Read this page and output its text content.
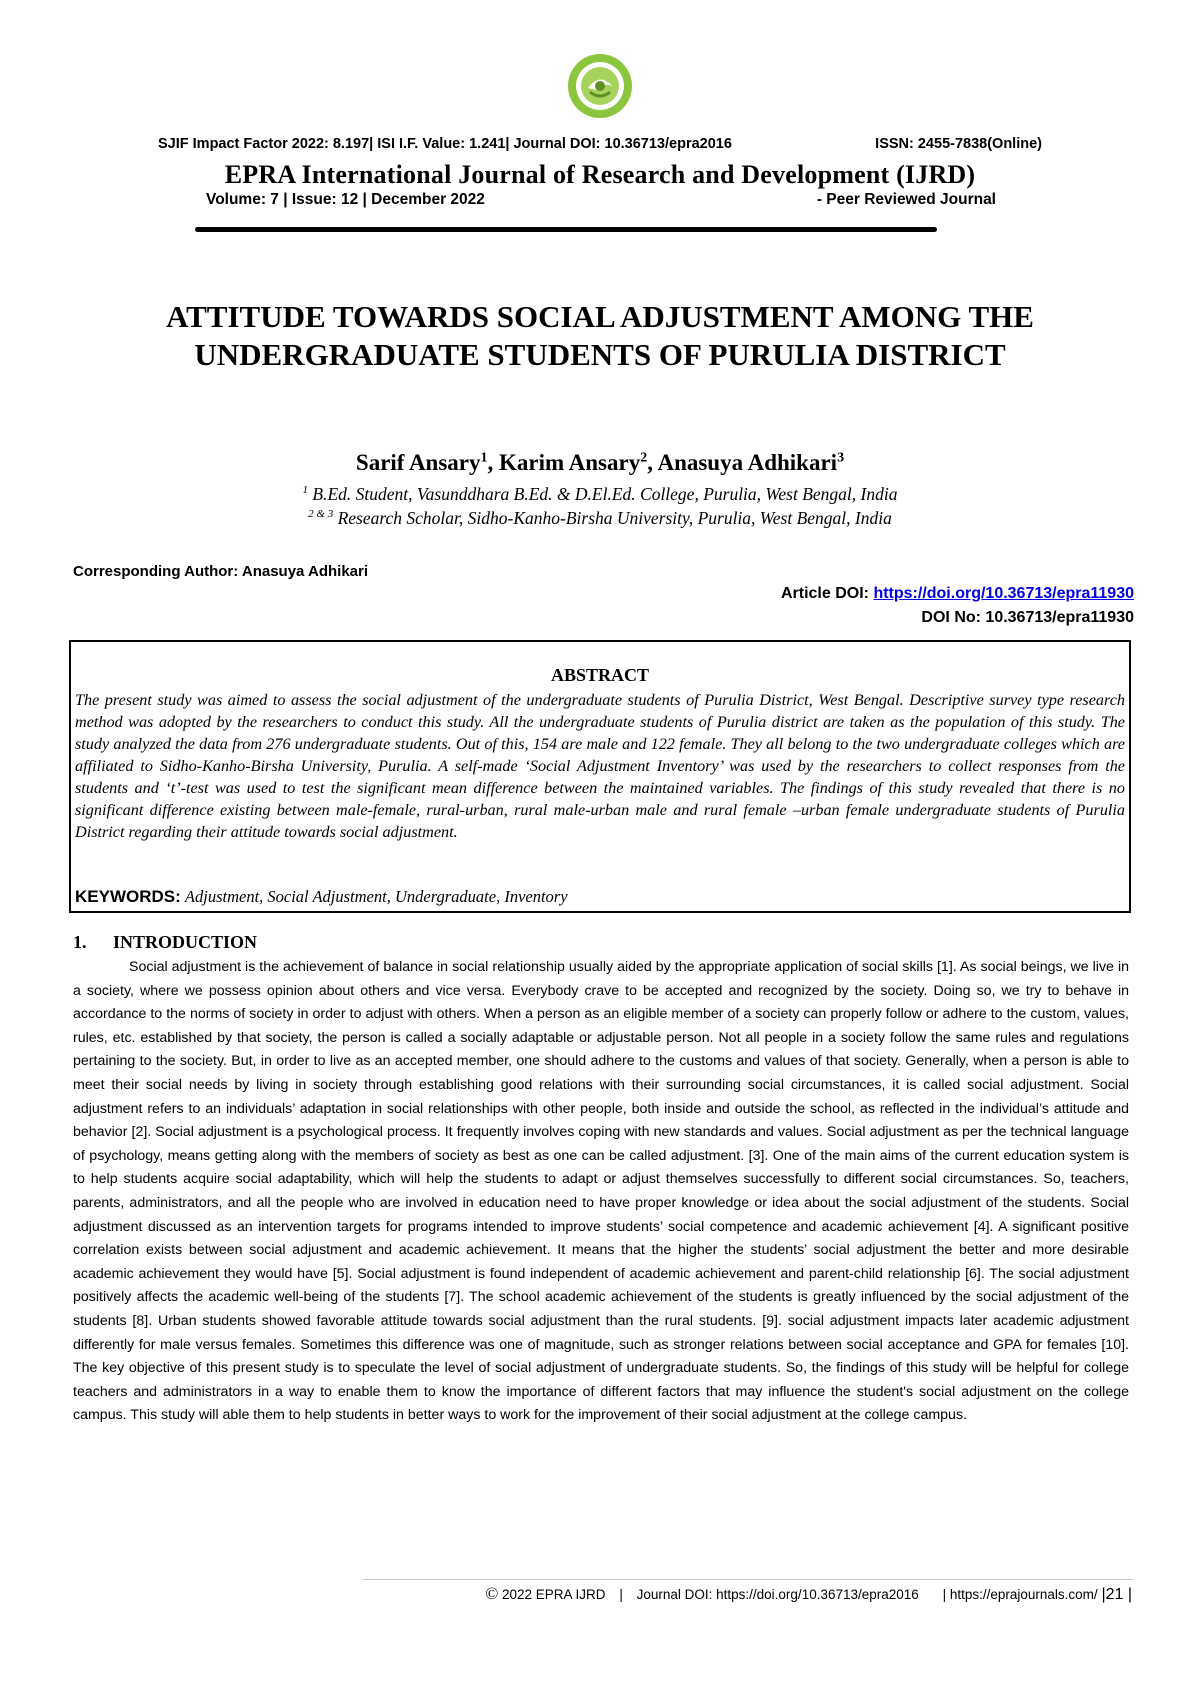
SJIF Impact Factor 2022: 8.197| ISI I.F. Value: 1.241| Journal DOI: 10.36713/epra2016	ISSN: 2455-7838(Online)
EPRA International Journal of Research and Development (IJRD)
Volume: 7 | Issue: 12 | December 2022	- Peer Reviewed Journal
ATTITUDE TOWARDS SOCIAL ADJUSTMENT AMONG THE
UNDERGRADUATE STUDENTS OF PURULIA DISTRICT
Sarif Ansary$^1$, Karim Ansary$^2$, Anasuya Adhikari$^3$
$^1$ B.Ed. Student, Vasunddhara B.Ed. & D.El.Ed. College, Purulia, West Bengal, India
$^{2 \& 3}$ Research Scholar, Sidho-Kanho-Birsha University, Purulia, West Bengal, India
Corresponding Author: Anasuya Adhikari
Article DOI: https://doi.org/10.36713/epra11930
DOI No: 10.36713/epra11930
ABSTRACT
The present study was aimed to assess the social adjustment of the undergraduate students of Purulia District, West Bengal. Descriptive survey type research method was adopted by the researchers to conduct this study. All the undergraduate students of Purulia district are taken as the population of this study. The study analyzed the data from 276 undergraduate students. Out of this, 154 are male and 122 female. They all belong to the two undergraduate colleges which are affiliated to Sidho-Kanho-Birsha University, Purulia. A self-made ‘Social Adjustment Inventory’ was used by the researchers to collect responses from the students and ‘t’-test was used to test the significant mean difference between the maintained variables. The findings of this study revealed that there is no significant difference existing between male-female, rural-urban, rural male-urban male and rural female –urban female undergraduate students of Purulia District regarding their attitude towards social adjustment.
KEYWORDS: Adjustment, Social Adjustment, Undergraduate, Inventory
1. INTRODUCTION
Social adjustment is the achievement of balance in social relationship usually aided by the appropriate application of social skills [1]. As social beings, we live in a society, where we possess opinion about others and vice versa. Everybody crave to be accepted and recognized by the society. Doing so, we try to behave in accordance to the norms of society in order to adjust with others. When a person as an eligible member of a society can properly follow or adhere to the custom, values, rules, etc. established by that society, the person is called a socially adaptable or adjustable person. Not all people in a society follow the same rules and regulations pertaining to the society. But, in order to live as an accepted member, one should adhere to the customs and values of that society. Generally, when a person is able to meet their social needs by living in society through establishing good relations with their surrounding social circumstances, it is called social adjustment. Social adjustment refers to an individuals’ adaptation in social relationships with other people, both inside and outside the school, as reflected in the individual’s attitude and behavior [2]. Social adjustment is a psychological process. It frequently involves coping with new standards and values. Social adjustment as per the technical language of psychology, means getting along with the members of society as best as one can be called adjustment. [3]. One of the main aims of the current education system is to help students acquire social adaptability, which will help the students to adapt or adjust themselves successfully to different social circumstances. So, teachers, parents, administrators, and all the people who are involved in education need to have proper knowledge or idea about the social adjustment of the students. Social adjustment discussed as an intervention targets for programs intended to improve students’ social competence and academic achievement [4]. A significant positive correlation exists between social adjustment and academic achievement. It means that the higher the students’ social adjustment the better and more desirable academic achievement they would have [5]. Social adjustment is found independent of academic achievement and parent-child relationship [6]. The social adjustment positively affects the academic well-being of the students [7]. The school academic achievement of the students is greatly influenced by the social adjustment of the students [8]. Urban students showed favorable attitude towards social adjustment than the rural students. [9]. social adjustment impacts later academic adjustment differently for male versus females. Sometimes this difference was one of magnitude, such as stronger relations between social acceptance and GPA for females [10]. The key objective of this present study is to speculate the level of social adjustment of undergraduate students. So, the findings of this study will be helpful for college teachers and administrators in a way to enable them to know the importance of different factors that may influence the student's social adjustment on the college campus. This study will able them to help students in better ways to work for the improvement of their social adjustment at the college campus.
© 2022 EPRA IJRD | Journal DOI: https://doi.org/10.36713/epra2016 | https://eprajournals.com/ |21 |
